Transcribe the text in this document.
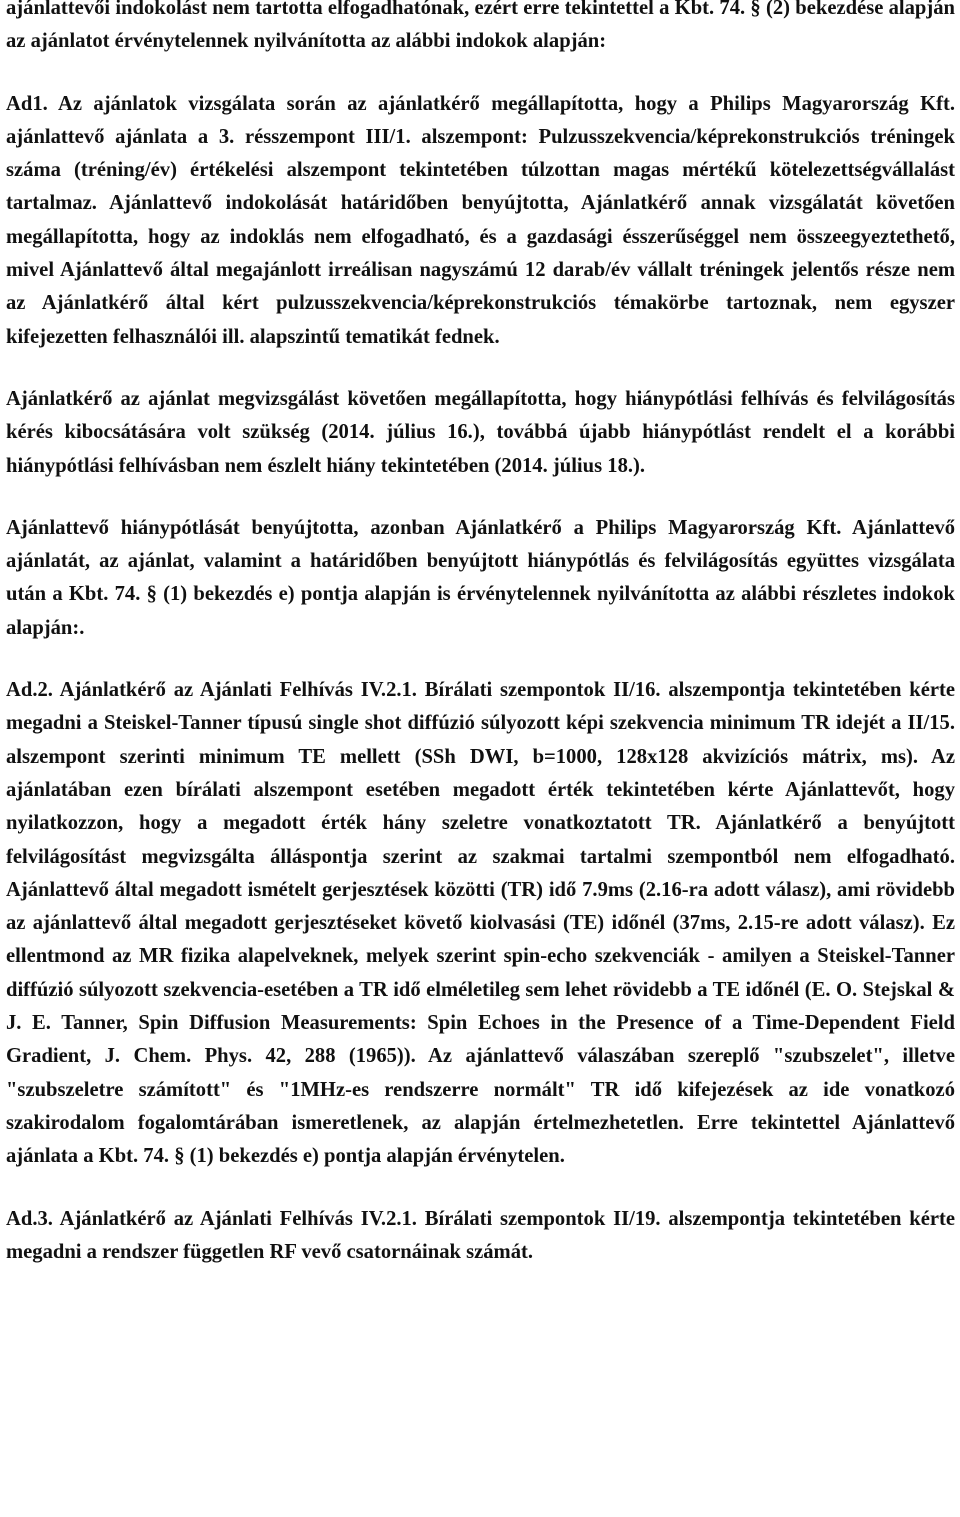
ajánlattevői indokolást nem tartotta elfogadhatónak, ezért erre tekintettel a Kbt. 74. § (2) bekezdése alapján az ajánlatot érvénytelennek nyilvánította az alábbi indokok alapján:

Ad1. Az ajánlatok vizsgálata során az ajánlatkérő megállapította, hogy a Philips Magyarország Kft. ajánlattevő ajánlata a 3. résszempont III/1. alszempont: Pulzusszekvencia/képrekonstrukciós tréningek száma (tréning/év) értékelési alszempont tekintetében túlzottan magas mértékű kötelezettségvállalást tartalmaz. Ajánlattevő indokolását határidőben benyújtotta, Ajánlatkérő annak vizsgálatát követően megállapította, hogy az indoklás nem elfogadható, és a gazdasági ésszerűséggel nem összeegyeztethető, mivel Ajánlattevő által megajánlott irreálisan nagyszámú 12 darab/év vállalt tréningek jelentős része nem az Ajánlatkérő által kért pulzusszekvencia/képrekonstrukciós témakörbe tartoznak, nem egyszer kifejezetten felhasználói ill. alapszintű tematikát fednek.

Ajánlatkérő az ajánlat megvizsgálást követően megállapította, hogy hiánypótlási felhívás és felvilágosítás kérés kibocsátására volt szükség (2014. július 16.), továbbá újabb hiánypótlást rendelt el a korábbi hiánypótlási felhívásban nem észlelt hiány tekintetében (2014. július 18.).

Ajánlattevő hiánypótlását benyújtotta, azonban Ajánlatkérő a Philips Magyarország Kft. Ajánlattevő ajánlatát, az ajánlat, valamint a határidőben benyújtott hiánypótlás és felvilágosítás együttes vizsgálata után a Kbt. 74. § (1) bekezdés e) pontja alapján is érvénytelennek nyilvánította az alábbi részletes indokok alapján:.

Ad.2. Ajánlatkérő az Ajánlati Felhívás IV.2.1. Bírálati szempontok II/16. alszempontja tekintetében kérte megadni a Steiskel-Tanner típusú single shot diffúzió súlyozott képi szekvencia minimum TR idejét a II/15. alszempont szerinti minimum TE mellett (SSh DWI, b=1000, 128x128 akvizíciós mátrix, ms). Az ajánlatában ezen bírálati alszempont esetében megadott érték tekintetében kérte Ajánlattevőt, hogy nyilatkozzon, hogy a megadott érték hány szeletre vonatkoztatott TR. Ajánlatkérő a benyújtott felvilágosítást megvizsgálta álláspontja szerint az szakmai tartalmi szempontból nem elfogadható. Ajánlattevő által megadott ismételt gerjesztések közötti (TR) idő 7.9ms (2.16-ra adott válasz), ami rövidebb az ajánlattevő által megadott gerjesztéseket követő kiolvasási (TE) időnél (37ms, 2.15-re adott válasz). Ez ellentmond az MR fizika alapelveknek, melyek szerint spin-echo szekvenciák - amilyen a Steiskel-Tanner diffúzió súlyozott szekvencia-esetében a TR idő elméletileg sem lehet rövidebb a TE időnél (E. O. Stejskal & J. E. Tanner, Spin Diffusion Measurements: Spin Echoes in the Presence of a Time-Dependent Field Gradient, J. Chem. Phys. 42, 288 (1965)). Az ajánlattevő válaszában szereplő "szubszelet", illetve "szubszeletre számított" és "1MHz-es rendszerre normált" TR idő kifejezések az ide vonatkozó szakirodalom fogalomtárában ismeretlenek, az alapján értelmezhetetlen. Erre tekintettel Ajánlattevő ajánlata a Kbt. 74. § (1) bekezdés e) pontja alapján érvénytelen.

Ad.3. Ajánlatkérő az Ajánlati Felhívás IV.2.1. Bírálati szempontok II/19. alszempontja tekintetében kérte megadni a rendszer független RF vevő csatornáinak számát.
